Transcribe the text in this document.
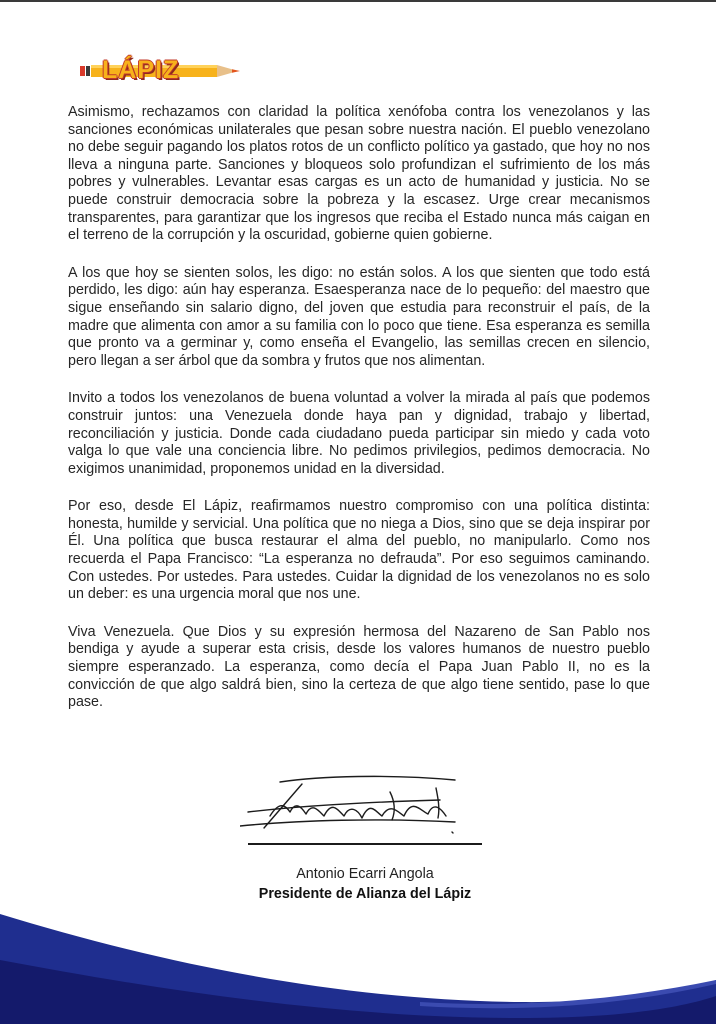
LÁPIZ

Asimismo, rechazamos con claridad la política xenófoba contra los venezolanos y las sanciones económicas unilaterales que pesan sobre nuestra nación. El pueblo venezolano no debe seguir pagando los platos rotos de un conflicto político ya gastado, que hoy no nos lleva a ninguna parte. Sanciones y bloqueos solo profundizan el sufrimiento de los más pobres y vulnerables. Levantar esas cargas es un acto de humanidad y justicia. No se puede construir democracia sobre la pobreza y la escasez. Urge crear mecanismos transparentes, para garantizar que los ingresos que reciba el Estado nunca más caigan en el terreno de la corrupción y la oscuridad, gobierne quien gobierne.

A los que hoy se sienten solos, les digo: no están solos. A los que sienten que todo está perdido, les digo: aún hay esperanza. Esaesperanza nace de lo pequeño: del maestro que sigue enseñando sin salario digno, del joven que estudia para reconstruir el país, de la madre que alimenta con amor a su familia con lo poco que tiene. Esa esperanza es semilla que pronto va a germinar y, como enseña el Evangelio, las semillas crecen en silencio, pero llegan a ser árbol que da sombra y frutos que nos alimentan.

Invito a todos los venezolanos de buena voluntad a volver la mirada al país que podemos construir juntos: una Venezuela donde haya pan y dignidad, trabajo y libertad, reconciliación y justicia. Donde cada ciudadano pueda participar sin miedo y cada voto valga lo que vale una conciencia libre. No pedimos privilegios, pedimos democracia. No exigimos unanimidad, proponemos unidad en la diversidad.

Por eso, desde El Lápiz, reafirmamos nuestro compromiso con una política distinta: honesta, humilde y servicial. Una política que no niega a Dios, sino que se deja inspirar por Él. Una política que busca restaurar el alma del pueblo, no manipularlo. Como nos recuerda el Papa Francisco: “La esperanza no defrauda”. Por eso seguimos caminando. Con ustedes. Por ustedes. Para ustedes. Cuidar la dignidad de los venezolanos no es solo un deber: es una urgencia moral que nos une.

Viva Venezuela. Que Dios y su expresión hermosa del Nazareno de San Pablo nos bendiga y ayude a superar esta crisis, desde los valores humanos de nuestro pueblo siempre esperanzado. La esperanza, como decía el Papa Juan Pablo II, no es la convicción de que algo saldrá bien, sino la certeza de que algo tiene sentido, pase lo que pase.

Antonio Ecarri Angola
Presidente de Alianza del Lápiz
